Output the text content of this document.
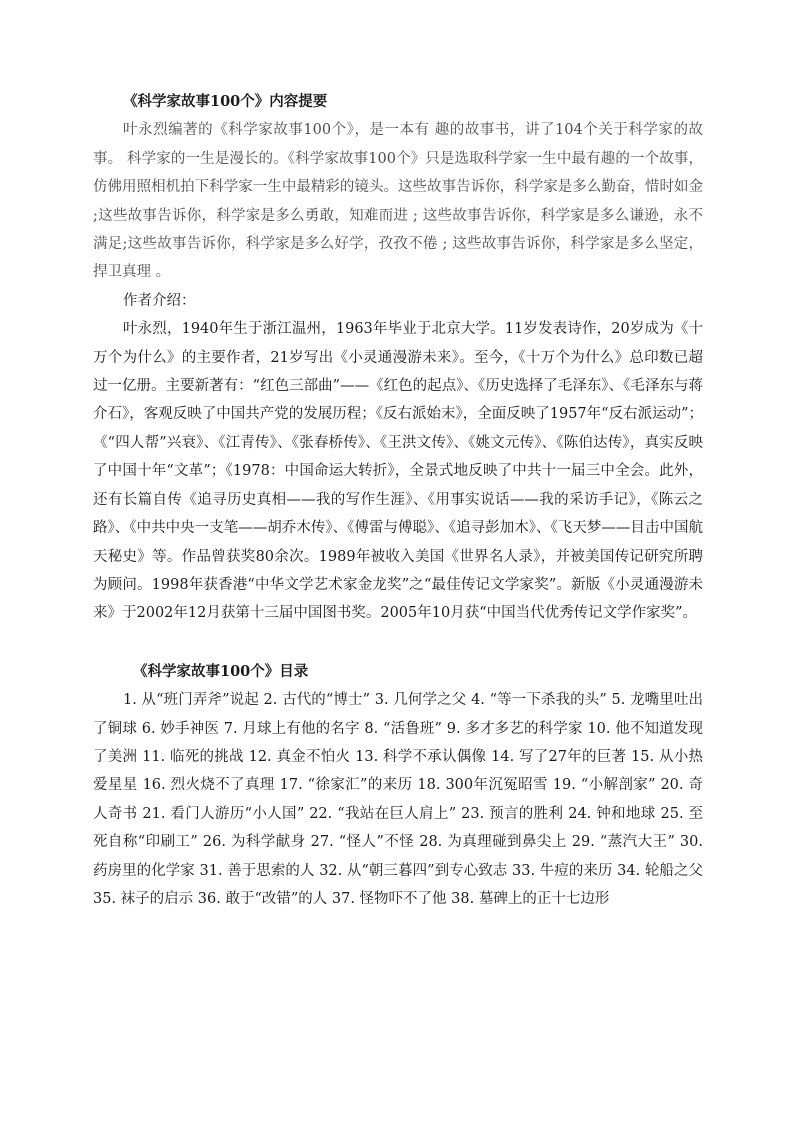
《科学家故事100个》内容提要

叶永烈编著的《科学家故事100个》，是一本有 趣的故事书，讲了104个关于科学家的故事。 科学家的一生是漫长的。《科学家故事100个》只是选取科学家一生中最有趣的一个故事，仿佛用照相机拍下科学家一生中最精彩的镜头。这些故事告诉你，科学家是多么勤奋，惜时如金 ;这些故事告诉你，科学家是多么勇敢，知难而进 ; 这些故事告诉你，科学家是多么谦逊，永不满足;这些故事告诉你，科学家是多么好学，孜孜不倦 ; 这些故事告诉你，科学家是多么坚定，捍卫真理 。

作者介绍：

叶永烈，1940年生于浙江温州，1963年毕业于北京大学。11岁发表诗作，20岁成为《十万个为什么》的主要作者，21岁写出《小灵通漫游未来》。至今，《十万个为什么》总印数已超过一亿册。主要新著有：“红色三部曲”——《红色的起点》、《历史选择了毛泽东》、《毛泽东与蒋介石》，客观反映了中国共产党的发展历程；《反右派始末》，全面反映了1957年“反右派运动”；《“四人帮”兴衰》、《江青传》、《张春桥传》、《王洪文传》、《姚文元传》、《陈伯达传》，真实反映了中国十年“文革”；《1978：中国命运大转折》，全景式地反映了中共十一届三中全会。此外，还有长篇自传《追寻历史真相——我的写作生涯》、《用事实说话——我的采访手记》，《陈云之路》、《中共中央一支笔——胡乔木传》、《傅雷与傅聪》、《追寻彭加木》、《飞天梦——目击中国航天秘史》等。作品曾获奖80余次。1989年被收入美国《世界名人录》，并被美国传记研究所聘为顾问。1998年获香港“中华文学艺术家金龙奖”之“最佳传记文学家奖”。新版《小灵通漫游未来》于2002年12月获第十三届中国图书奖。2005年10月获“中国当代优秀传记文学作家奖”。

《科学家故事100个》目录

1. 从“班门弄斧”说起 2. 古代的“博士” 3. 几何学之父 4. “等一下杀我的头” 5. 龙嘴里吐出了铜球 6. 妙手神医 7. 月球上有他的名字 8. “活鲁班” 9. 多才多艺的科学家 10. 他不知道发现了美洲 11. 临死的挑战 12. 真金不怕火 13. 科学不承认偶像 14. 写了27年的巨著 15. 从小热爱星星 16. 烈火烧不了真理 17. “徐家汇”的来历 18. 300年沉冤昭雪 19. “小解剖家” 20. 奇人奇书 21. 看门人游历“小人国” 22. “我站在巨人肩上” 23. 预言的胜利 24. 钟和地球 25. 至死自称“印刷工” 26. 为科学献身 27. “怪人”不怪 28. 为真理碰到鼻尖上 29. “蒸汽大王” 30. 药房里的化学家 31. 善于思索的人 32. 从“朝三暮四”到专心致志 33. 牛痘的来历 34. 轮船之父 35. 袜子的启示 36. 敢于“改错”的人 37. 怪物吓不了他 38. 墓碑上的正十七边形
